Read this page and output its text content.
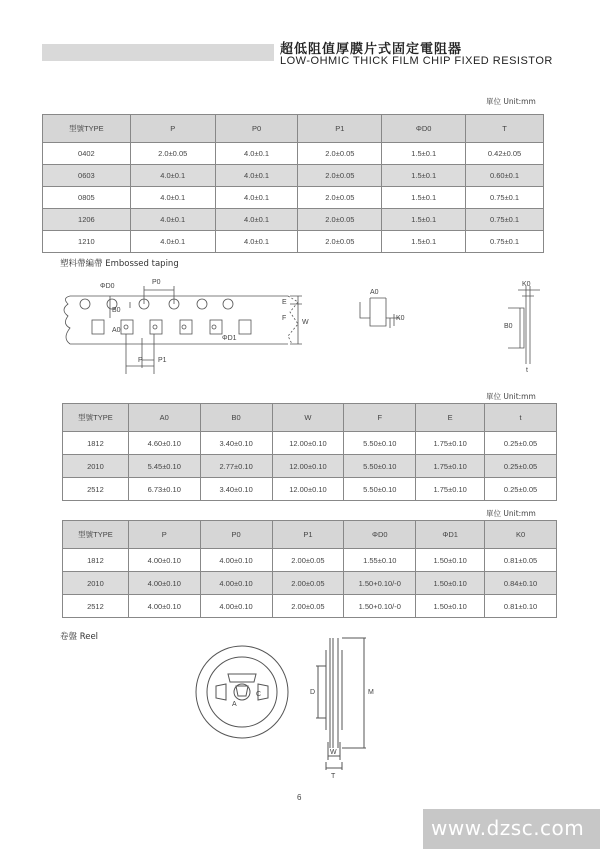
超低阻值厚膜片式固定電阻器
LOW-OHMIC THICK FILM CHIP FIXED RESISTOR
單位 Unit:mm
型號TYPE	P	P0	P1	ΦD0	T
0402	2.0±0.05	4.0±0.1	2.0±0.05	1.5±0.1	0.42±0.05
0603	4.0±0.1	4.0±0.1	2.0±0.05	1.5±0.1	0.60±0.1
0805	4.0±0.1	4.0±0.1	2.0±0.05	1.5±0.1	0.75±0.1
1206	4.0±0.1	4.0±0.1	2.0±0.05	1.5±0.1	0.75±0.1
1210	4.0±0.1	4.0±0.1	2.0±0.05	1.5±0.1	0.75±0.1
塑料帶編帶 Embossed taping
ΦD0
P0
B0
A0
ΦD1
P P1
E
F
W
A0
K0
K0
B0
t
單位 Unit:mm
型號TYPE	A0	B0	W	F	E	t
1812	4.60±0.10	3.40±0.10	12.00±0.10	5.50±0.10	1.75±0.10	0.25±0.05
2010	5.45±0.10	2.77±0.10	12.00±0.10	5.50±0.10	1.75±0.10	0.25±0.05
2512	6.73±0.10	3.40±0.10	12.00±0.10	5.50±0.10	1.75±0.10	0.25±0.05
單位 Unit:mm
型號TYPE	P	P0	P1	ΦD0	ΦD1	K0
1812	4.00±0.10	4.00±0.10	2.00±0.05	1.55±0.10	1.50±0.10	0.81±0.05
2010	4.00±0.10	4.00±0.10	2.00±0.05	1.50+0.10/-0	1.50±0.10	0.84±0.10
2512	4.00±0.10	4.00±0.10	2.00±0.05	1.50+0.10/-0	1.50±0.10	0.81±0.10
卷盤 Reel
C
A
D	M
W
T
6
www.dzsc.com
